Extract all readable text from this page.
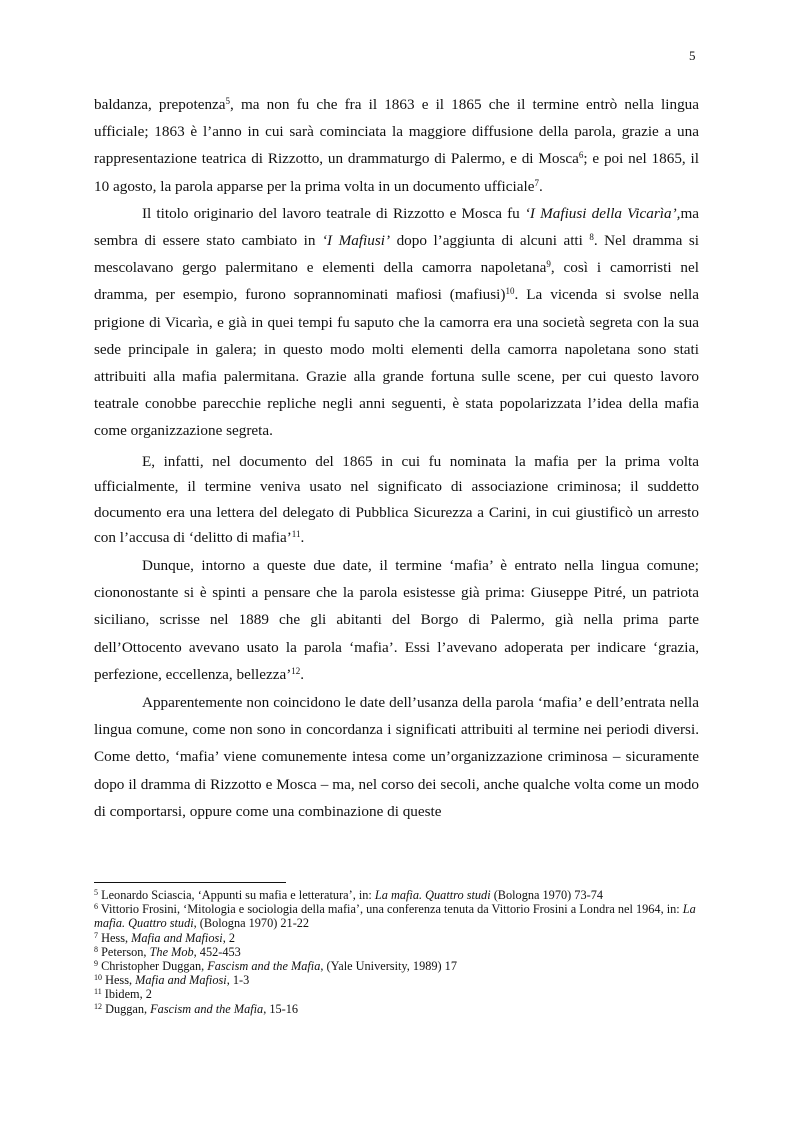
5

baldanza, prepotenza$^5$, ma non fu che fra il 1863 e il 1865 che il termine entrò nella lingua ufficiale; 1863 è l’anno in cui sarà cominciata la maggiore diffusione della parola, grazie a una rappresentazione teatrica di Rizzotto, un drammaturgo di Palermo, e di Mosca$^6$; e poi nel 1865, il 10 agosto, la parola apparse per la prima volta in un documento ufficiale$^7$.

Il titolo originario del lavoro teatrale di Rizzotto e Mosca fu ‘I Mafiusi della Vicarìa’,ma sembra di essere stato cambiato in ‘I Mafiusi’ dopo l’aggiunta di alcuni atti $^8$. Nel dramma si mescolavano gergo palermitano e elementi della camorra napoletana$^9$, così i camorristi nel dramma, per esempio, furono soprannominati mafiosi (mafiusi)$^{10}$. La vicenda si svolse nella prigione di Vicarìa, e già in quei tempi fu saputo che la camorra era una società segreta con la sua sede principale in galera; in questo modo molti elementi della camorra napoletana sono stati attribuiti alla mafia palermitana. Grazie alla grande fortuna sulle scene, per cui questo lavoro teatrale conobbe parecchie repliche negli anni seguenti, è stata popolarizzata l’idea della mafia come organizzazione segreta.

E, infatti, nel documento del 1865 in cui fu nominata la mafia per la prima volta ufficialmente, il termine veniva usato nel significato di associazione criminosa; il suddetto documento era una lettera del delegato di Pubblica Sicurezza a Carini, in cui giustificò un arresto con l’accusa di ‘delitto di mafia’$^{11}$.

Dunque, intorno a queste due date, il termine ‘mafia’ è entrato nella lingua comune; ciononostante si è spinti a pensare che la parola esistesse già prima: Giuseppe Pitré, un patriota siciliano, scrisse nel 1889 che gli abitanti del Borgo di Palermo, già nella prima parte dell’Ottocento avevano usato la parola ‘mafia’. Essi l’avevano adoperata per indicare ‘grazia, perfezione, eccellenza, bellezza’$^{12}$.

Apparentemente non coincidono le date dell’usanza della parola ‘mafia’ e dell’entrata nella lingua comune, come non sono in concordanza i significati attribuiti al termine nei periodi diversi. Come detto, ‘mafia’ viene comunemente intesa come un’organizzazione criminosa – sicuramente dopo il dramma di Rizzotto e Mosca – ma, nel corso dei secoli, anche qualche volta come un modo di comportarsi, oppure come una combinazione di queste

$^5$ Leonardo Sciascia, ‘Appunti su mafia e letteratura’, in: La mafia. Quattro studi (Bologna 1970) 73-74
$^6$ Vittorio Frosini, ‘Mitologia e sociologia della mafia’, una conferenza tenuta da Vittorio Frosini a Londra nel 1964, in: La mafia. Quattro studi, (Bologna 1970) 21-22
$^7$ Hess, Mafia and Mafiosi, 2
$^8$ Peterson, The Mob, 452-453
$^9$ Christopher Duggan, Fascism and the Mafia, (Yale University, 1989) 17
$^{10}$ Hess, Mafia and Mafiosi, 1-3
$^{11}$ Ibidem, 2
$^{12}$ Duggan, Fascism and the Mafia, 15-16
